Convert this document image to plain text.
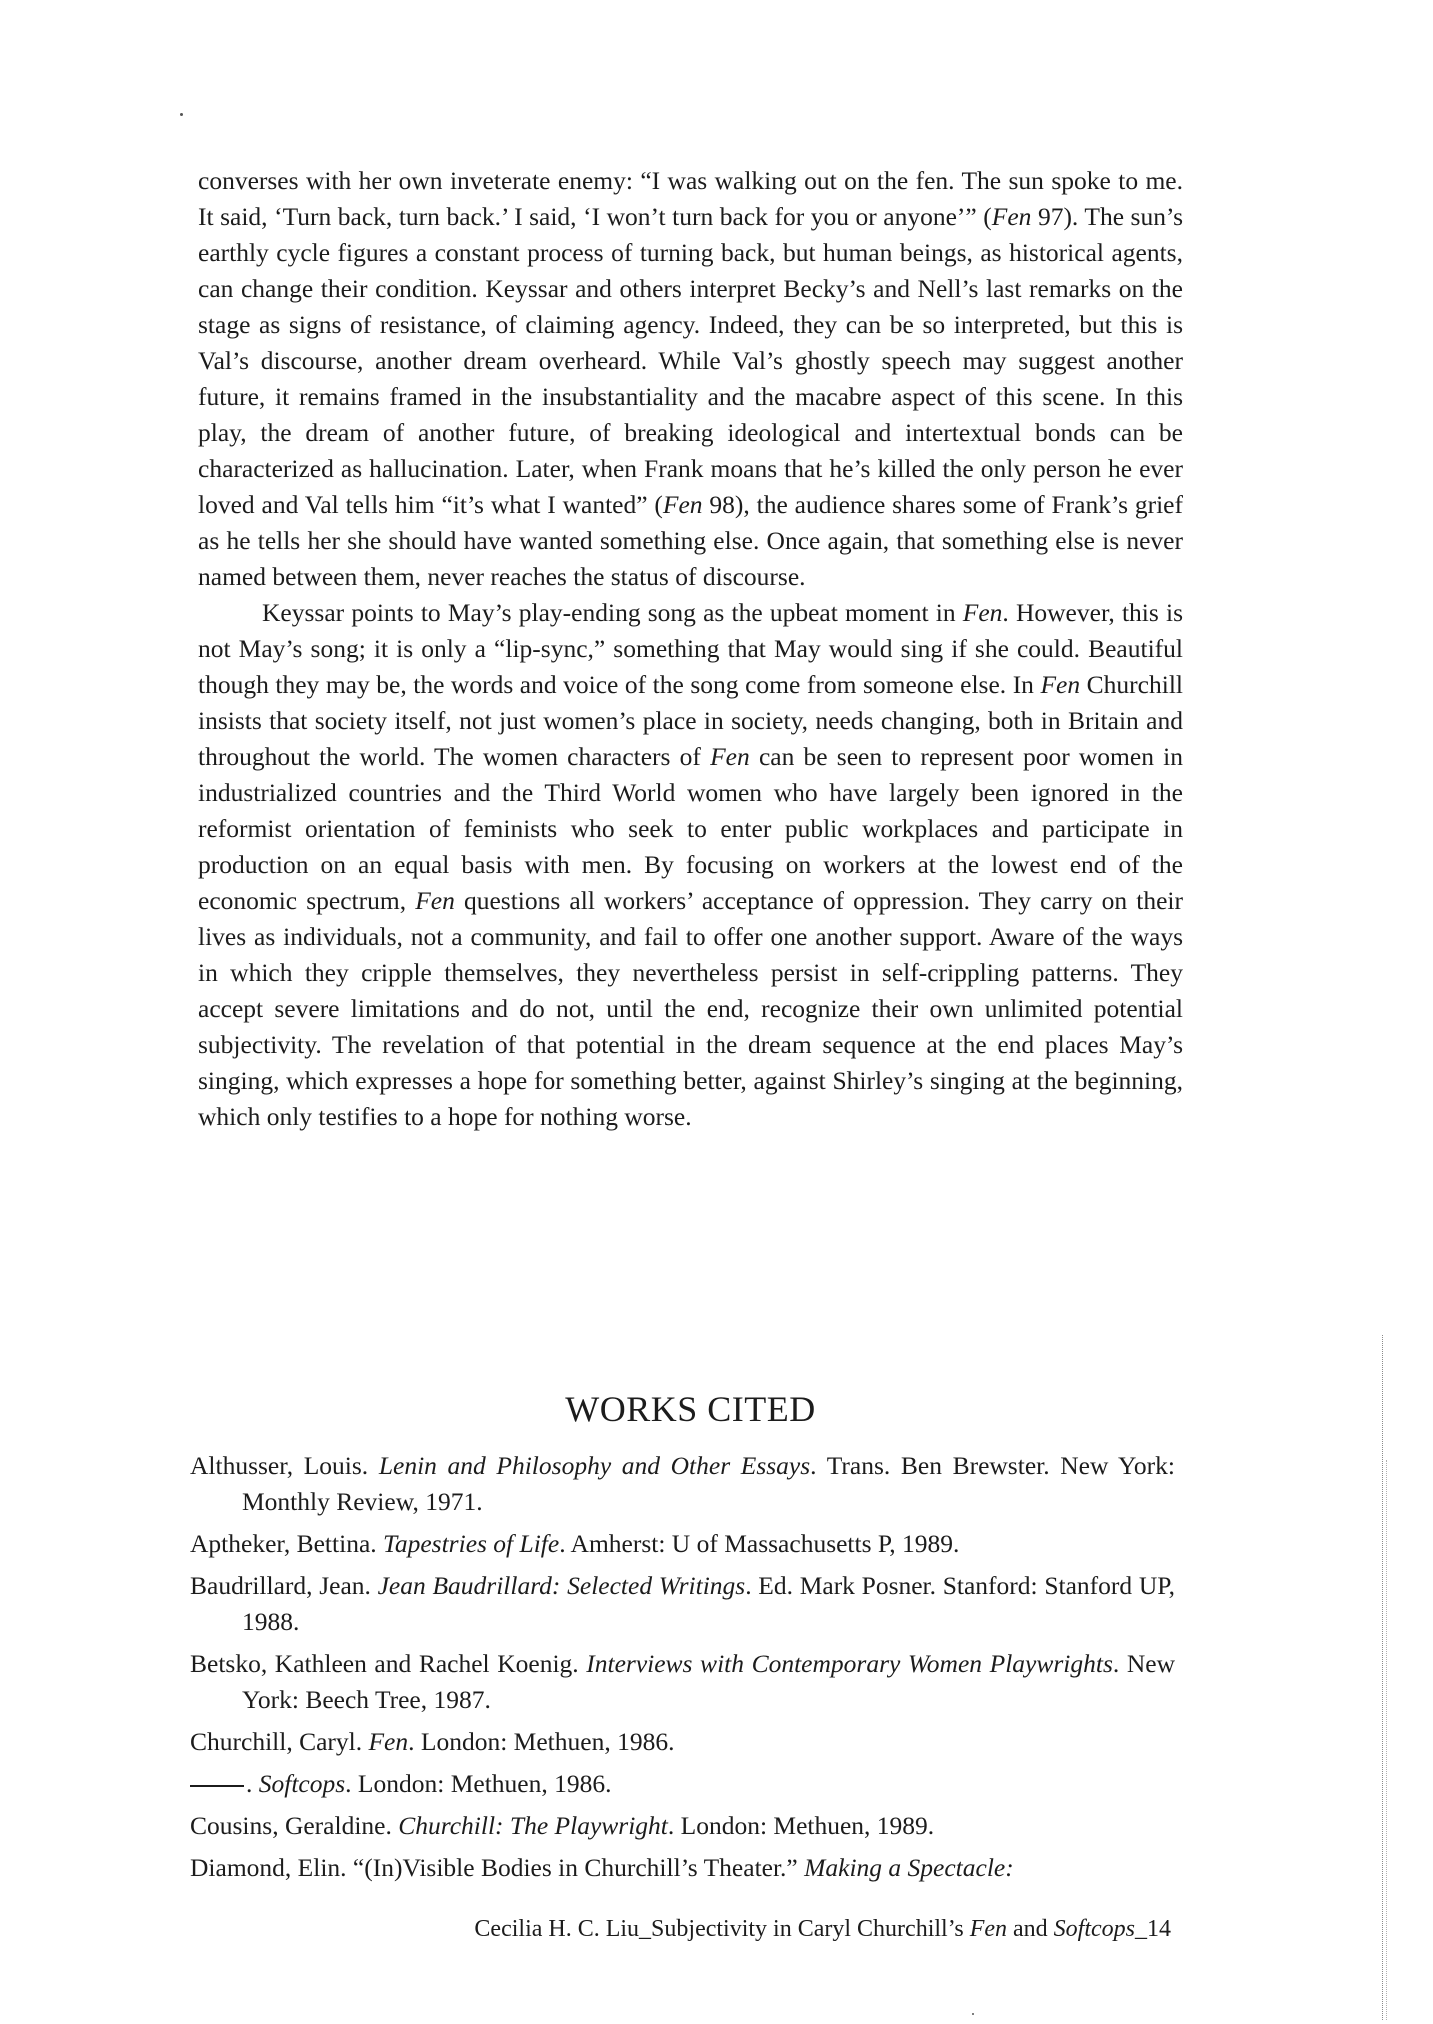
converses with her own inveterate enemy: “I was walking out on the fen. The sun spoke to me. It said, ‘Turn back, turn back.’ I said, ‘I won’t turn back for you or anyone’” (Fen 97). The sun’s earthly cycle figures a constant process of turning back, but human beings, as historical agents, can change their condition. Keyssar and others interpret Becky’s and Nell’s last remarks on the stage as signs of resistance, of claiming agency. Indeed, they can be so interpreted, but this is Val’s discourse, another dream overheard. While Val’s ghostly speech may suggest another future, it remains framed in the insubstantiality and the macabre aspect of this scene. In this play, the dream of another future, of breaking ideological and intertextual bonds can be characterized as hallucination. Later, when Frank moans that he’s killed the only person he ever loved and Val tells him “it’s what I wanted” (Fen 98), the audience shares some of Frank’s grief as he tells her she should have wanted something else. Once again, that something else is never named between them, never reaches the status of discourse.

Keyssar points to May’s play-ending song as the upbeat moment in Fen. However, this is not May’s song; it is only a “lip-sync,” something that May would sing if she could. Beautiful though they may be, the words and voice of the song come from someone else. In Fen Churchill insists that society itself, not just women’s place in society, needs changing, both in Britain and throughout the world. The women characters of Fen can be seen to represent poor women in industrialized countries and the Third World women who have largely been ignored in the reformist orientation of feminists who seek to enter public workplaces and participate in production on an equal basis with men. By focusing on workers at the lowest end of the economic spectrum, Fen questions all workers’ acceptance of oppression. They carry on their lives as individuals, not a community, and fail to offer one another support. Aware of the ways in which they cripple themselves, they nevertheless persist in self-crippling patterns. They accept severe limitations and do not, until the end, recognize their own unlimited potential subjectivity. The revelation of that potential in the dream sequence at the end places May’s singing, which expresses a hope for something better, against Shirley’s singing at the beginning, which only testifies to a hope for nothing worse.

WORKS CITED
Althusser, Louis. Lenin and Philosophy and Other Essays. Trans. Ben Brewster. New York: Monthly Review, 1971.
Aptheker, Bettina. Tapestries of Life. Amherst: U of Massachusetts P, 1989.
Baudrillard, Jean. Jean Baudrillard: Selected Writings. Ed. Mark Posner. Stanford: Stanford UP, 1988.
Betsko, Kathleen and Rachel Koenig. Interviews with Contemporary Women Playwrights. New York: Beech Tree, 1987.
Churchill, Caryl. Fen. London: Methuen, 1986.
. Softcops. London: Methuen, 1986.
Cousins, Geraldine. Churchill: The Playwright. London: Methuen, 1989.
Diamond, Elin. “(In)Visible Bodies in Churchill’s Theater.” Making a Spectacle:
Cecilia H. C. Liu_Subjectivity in Caryl Churchill’s Fen and Softcops_14
